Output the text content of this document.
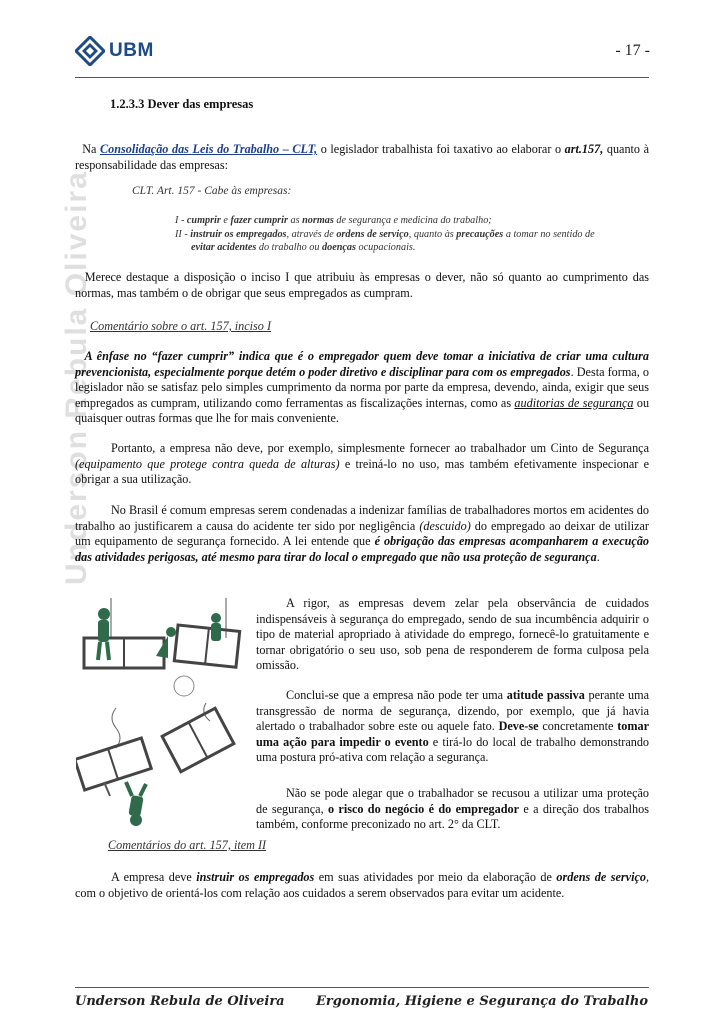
UBM	- 17 -
Underson Rebula Oliveira
1.2.3.3 Dever das empresas
Na Consolidação das Leis do Trabalho – CLT, o legislador trabalhista foi taxativo ao elaborar o art.157, quanto à responsabilidade das empresas:
CLT. Art. 157 - Cabe às empresas:
I - cumprir e fazer cumprir as normas de segurança e medicina do trabalho;
II - instruir os empregados, através de ordens de serviço, quanto às precauções a tomar no sentido de
evitar acidentes do trabalho ou doenças ocupacionais.
Merece destaque a disposição o inciso I que atribuiu às empresas o dever, não só quanto ao cumprimento das normas, mas também o de obrigar que seus empregados as cumpram.
Comentário sobre o art. 157, inciso I
A ênfase no “fazer cumprir” indica que é o empregador quem deve tomar a iniciativa de criar uma cultura prevencionista, especialmente porque detém o poder diretivo e disciplinar para com os empregados. Desta forma, o legislador não se satisfaz pelo simples cumprimento da norma por parte da empresa, devendo, ainda, exigir que seus empregados as cumpram, utilizando como ferramentas as fiscalizações internas, como as auditorias de segurança ou quaisquer outras formas que lhe for mais conveniente.
Portanto, a empresa não deve, por exemplo, simplesmente fornecer ao trabalhador um Cinto de Segurança (equipamento que protege contra queda de alturas) e treiná-lo no uso, mas também efetivamente inspecionar e obrigar a sua utilização.
No Brasil é comum empresas serem condenadas a indenizar famílias de trabalhadores mortos em acidentes do trabalho ao justificarem a causa do acidente ter sido por negligência (descuido) do empregado ao deixar de utilizar um equipamento de segurança fornecido. A lei entende que é obrigação das empresas acompanharem a execução das atividades perigosas, até mesmo para tirar do local o empregado que não usa proteção de segurança.
A rigor, as empresas devem zelar pela observância de cuidados indispensáveis à segurança do empregado, sendo de sua incumbência adquirir o tipo de material apropriado à atividade do emprego, fornecê-lo gratuitamente e tornar obrigatório o seu uso, sob pena de responderem de forma culposa pela omissão.
Conclui-se que a empresa não pode ter uma atitude passiva perante uma transgressão de norma de segurança, dizendo, por exemplo, que já havia alertado o trabalhador sobre este ou aquele fato. Deve-se concretamente tomar uma ação para impedir o evento e tirá-lo do local de trabalho demonstrando uma postura pró-ativa com relação a segurança.
Não se pode alegar que o trabalhador se recusou a utilizar uma proteção de segurança, o risco do negócio é do empregador e a direção dos trabalhos também, conforme preconizado no art. 2° da CLT.
Comentários do art. 157, item II
A empresa deve instruir os empregados em suas atividades por meio da elaboração de ordens de serviço, com o objetivo de orientá-los com relação aos cuidados a serem observados para evitar um acidente.
Underson Rebula de Oliveira Ergonomia, Higiene e Segurança do Trabalho
